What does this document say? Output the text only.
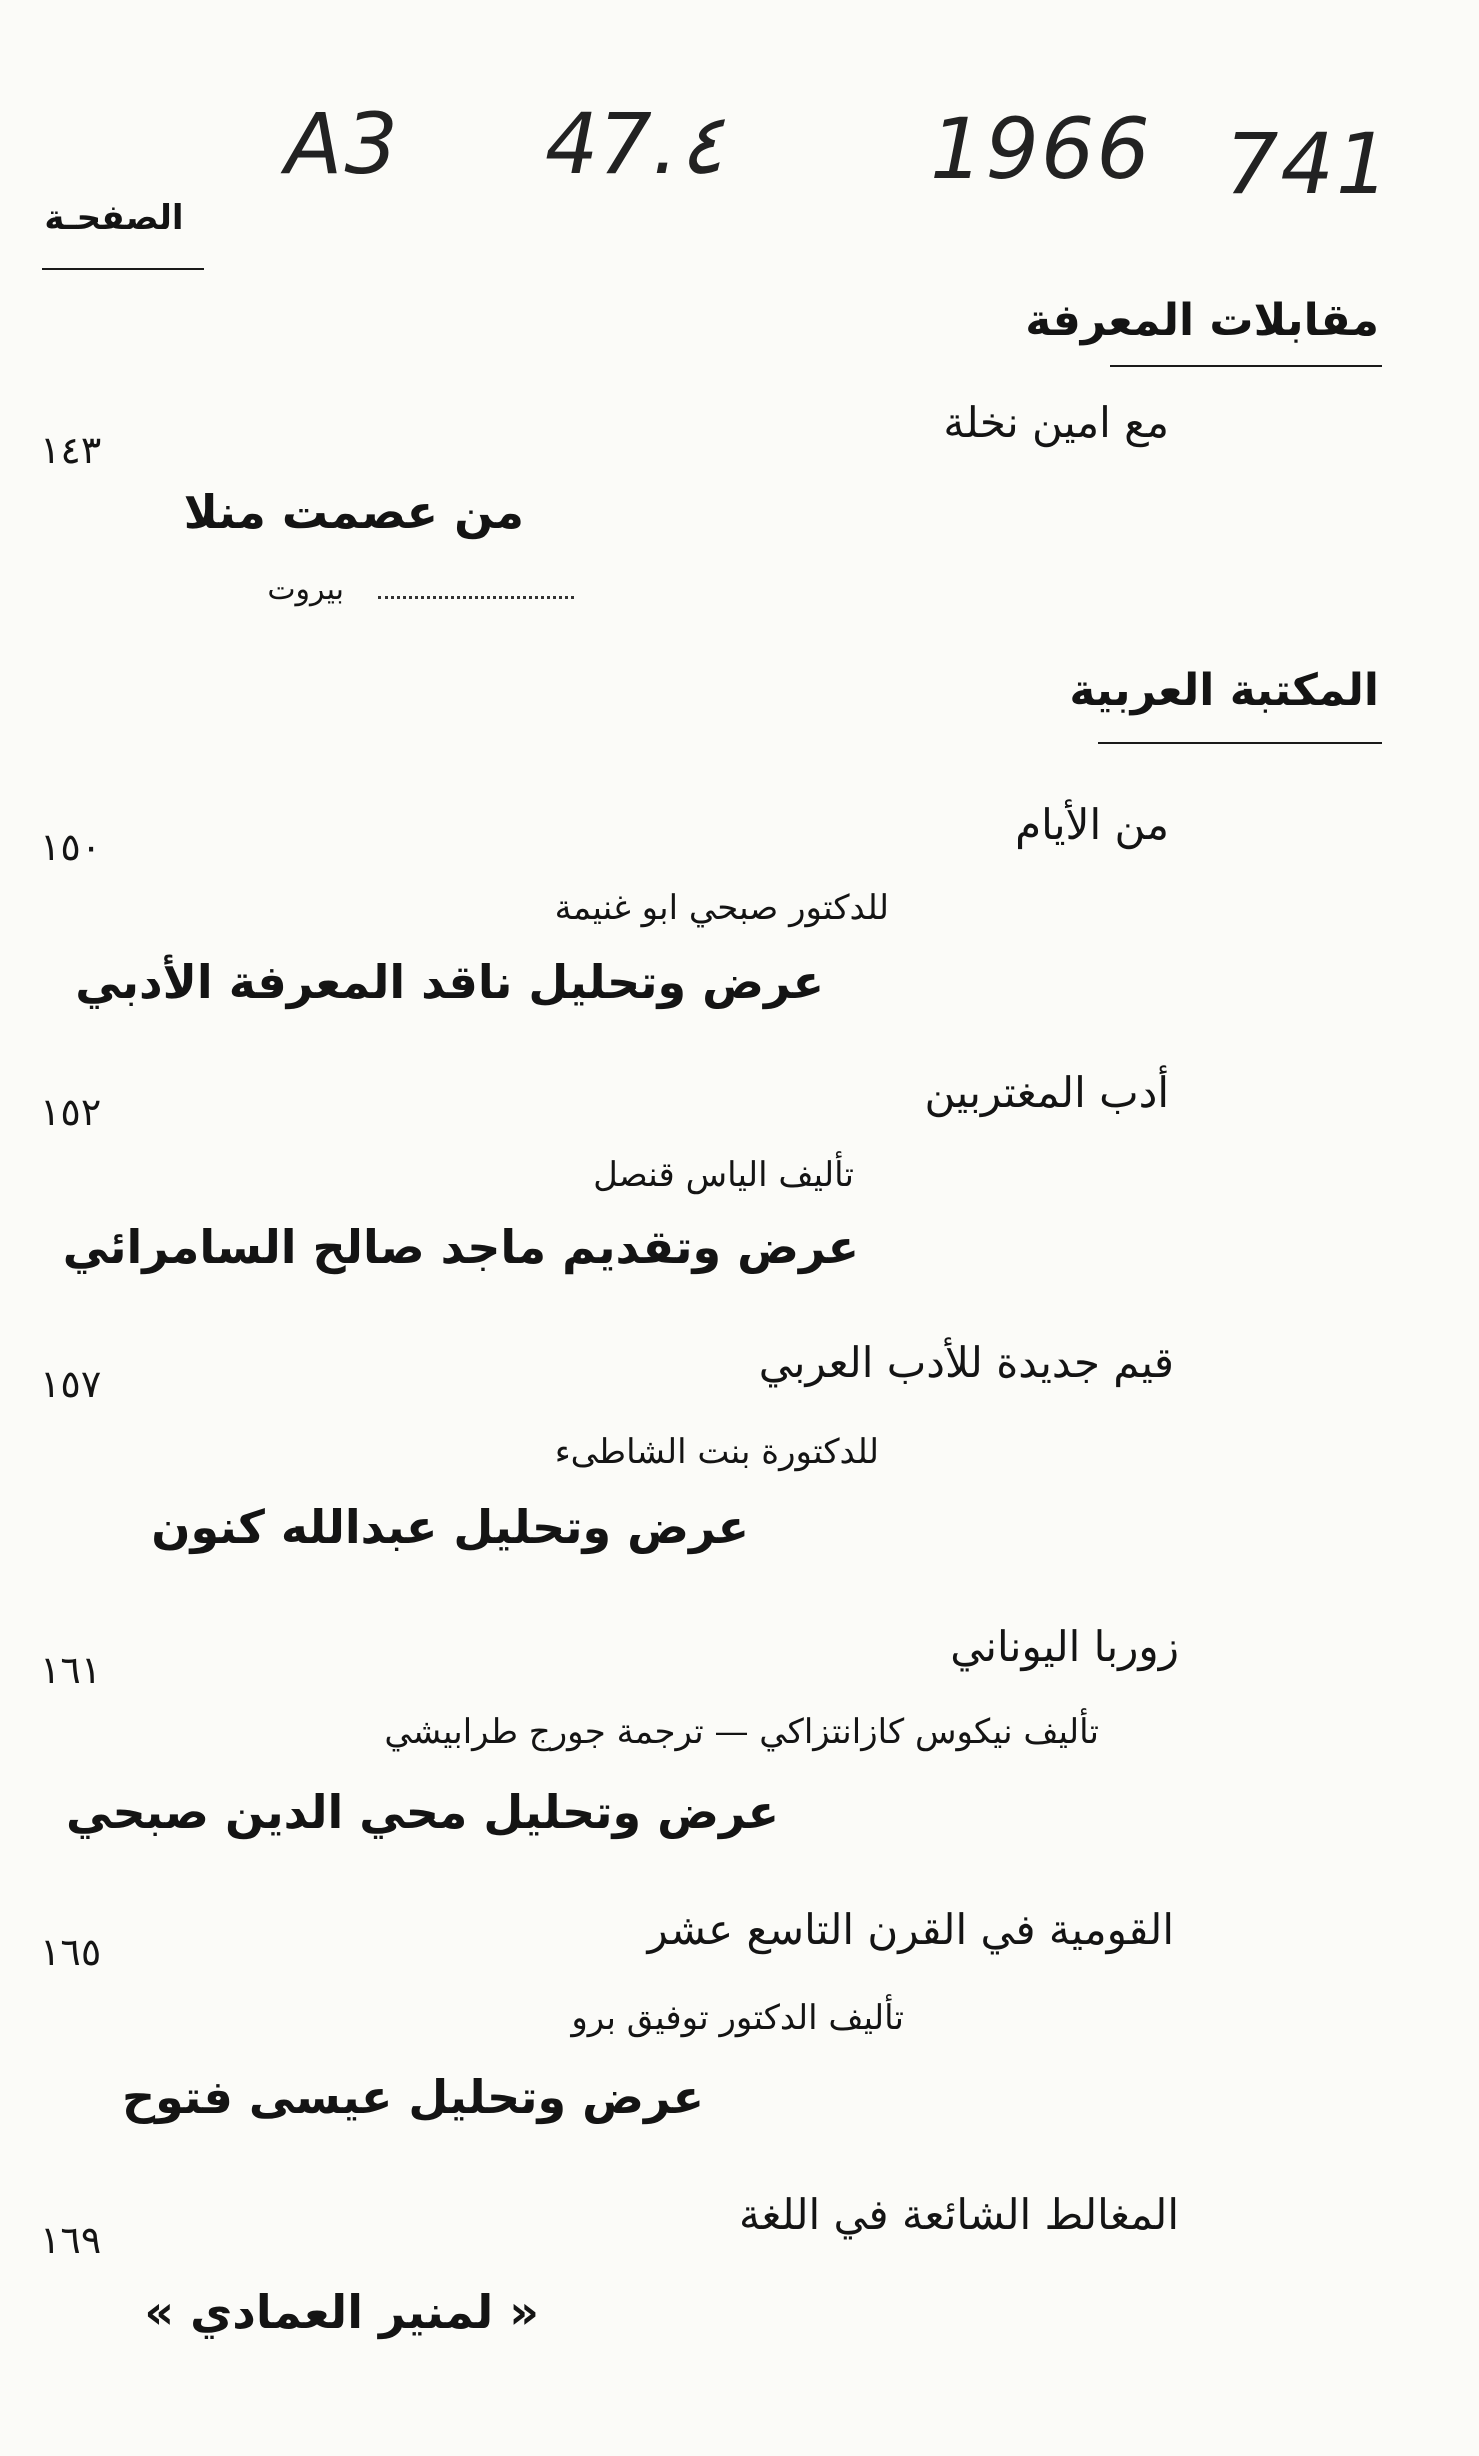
A3 47.٤ 1966 741
الصفحـة
مقابلات المعرفة
مع امين نخلة
١٤٣
من عصمت منلا
بيروت
المكتبة العربية
من الأيام
١٥٠
للدكتور صبحي ابو غنيمة
عرض وتحليل ناقد المعرفة الأدبي
أدب المغتربين
١٥٢
تأليف الياس قنصل
عرض وتقديم ماجد صالح السامرائي
قيم جديدة للأدب العربي
١٥٧
للدكتورة بنت الشاطىء
عرض وتحليل عبدالله كنون
زوربا اليوناني
١٦١
تأليف نيكوس كازانتزاكي — ترجمة جورج طرابيشي
عرض وتحليل محي الدين صبحي
القومية في القرن التاسع عشر
١٦٥
تأليف الدكتور توفيق برو
عرض وتحليل عيسى فتوح
المغالط الشائعة في اللغة
١٦٩
« لمنير العمادي »
